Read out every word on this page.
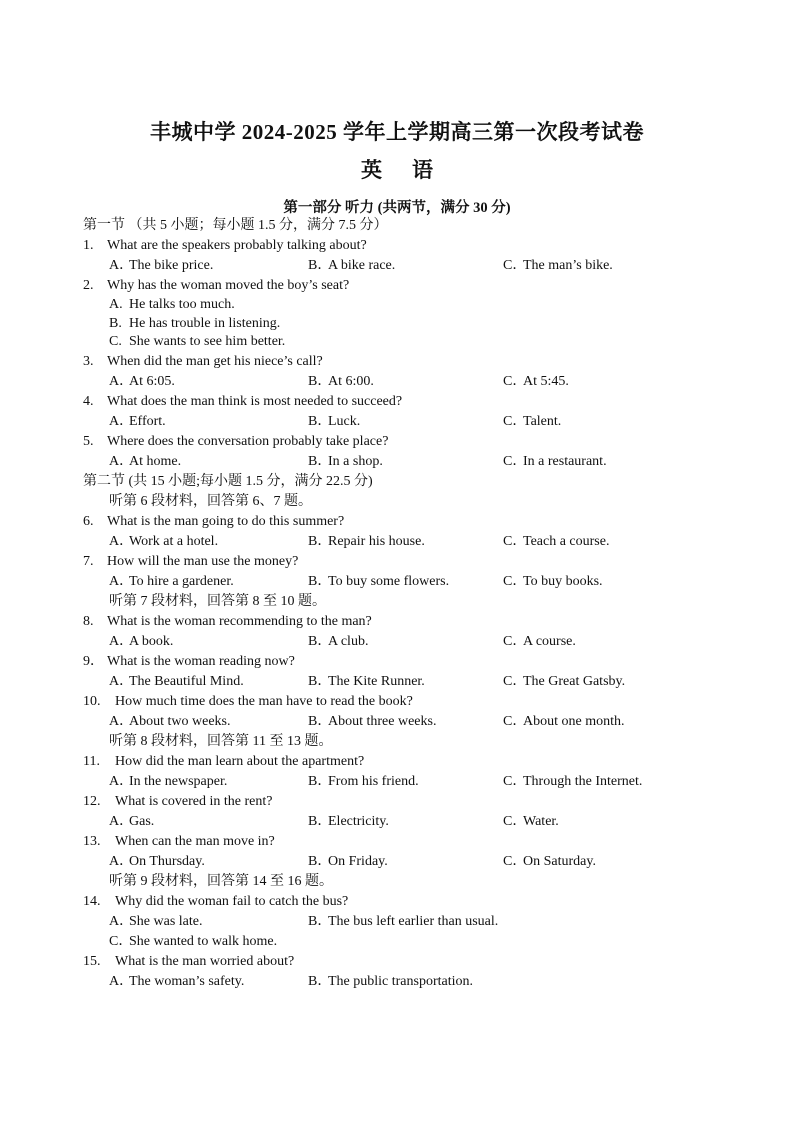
丰城中学 2024-2025 学年上学期高三第一次段考试卷
英 语
第一部分 听力 (共两节，满分 30 分)
第一节 （共 5 小题；每小题 1.5 分，满分 7.5 分）
1. What are the speakers probably talking about?
A．The bike price.	B．A bike race.	C．The man’s bike.
2. Why has the woman moved the boy’s seat?
A. He talks too much.
B. He has trouble in listening.
C. She wants to see him better.
3. When did the man get his niece’s call?
A．At 6:05.	B．At 6:00.	C．At 5:45.
4. What does the man think is most needed to succeed?
A．Effort.	B．Luck.	C．Talent.
5. Where does the conversation probably take place?
A．At home.	B．In a shop.	C．In a restaurant.
第二节 (共 15 小题;每小题 1.5 分，满分 22.5 分)
听第 6 段材料，回答第 6、7 题。
6. What is the man going to do this summer?
A．Work at a hotel.	B．Repair his house.	C．Teach a course.
7. How will the man use the money?
A．To hire a gardener.	B．To buy some flowers.	C．To buy books.
听第 7 段材料，回答第 8 至 10 题。
8. What is the woman recommending to the man?
A．A book.	B．A club.	C．A course.
9． What is the woman reading now?
A．The Beautiful Mind.	B．The Kite Runner.	C．The Great Gatsby.
10. How much time does the man have to read the book?
A．About two weeks.	B．About three weeks.	C．About one month.
听第 8 段材料，回答第 11 至 13 题。
11. How did the man learn about the apartment?
A．In the newspaper.	B．From his friend.	C．Through the Internet.
12. What is covered in the rent?
A．Gas.	B．Electricity.	C．Water.
13. When can the man move in?
A．On Thursday.	B．On Friday.	C．On Saturday.
听第 9 段材料，回答第 14 至 16 题。
14. Why did the woman fail to catch the bus?
A．She was late.	B．The bus left earlier than usual.
C．She wanted to walk home.
15. What is the man worried about?
A．The woman’s safety.	B．The public transportation.
